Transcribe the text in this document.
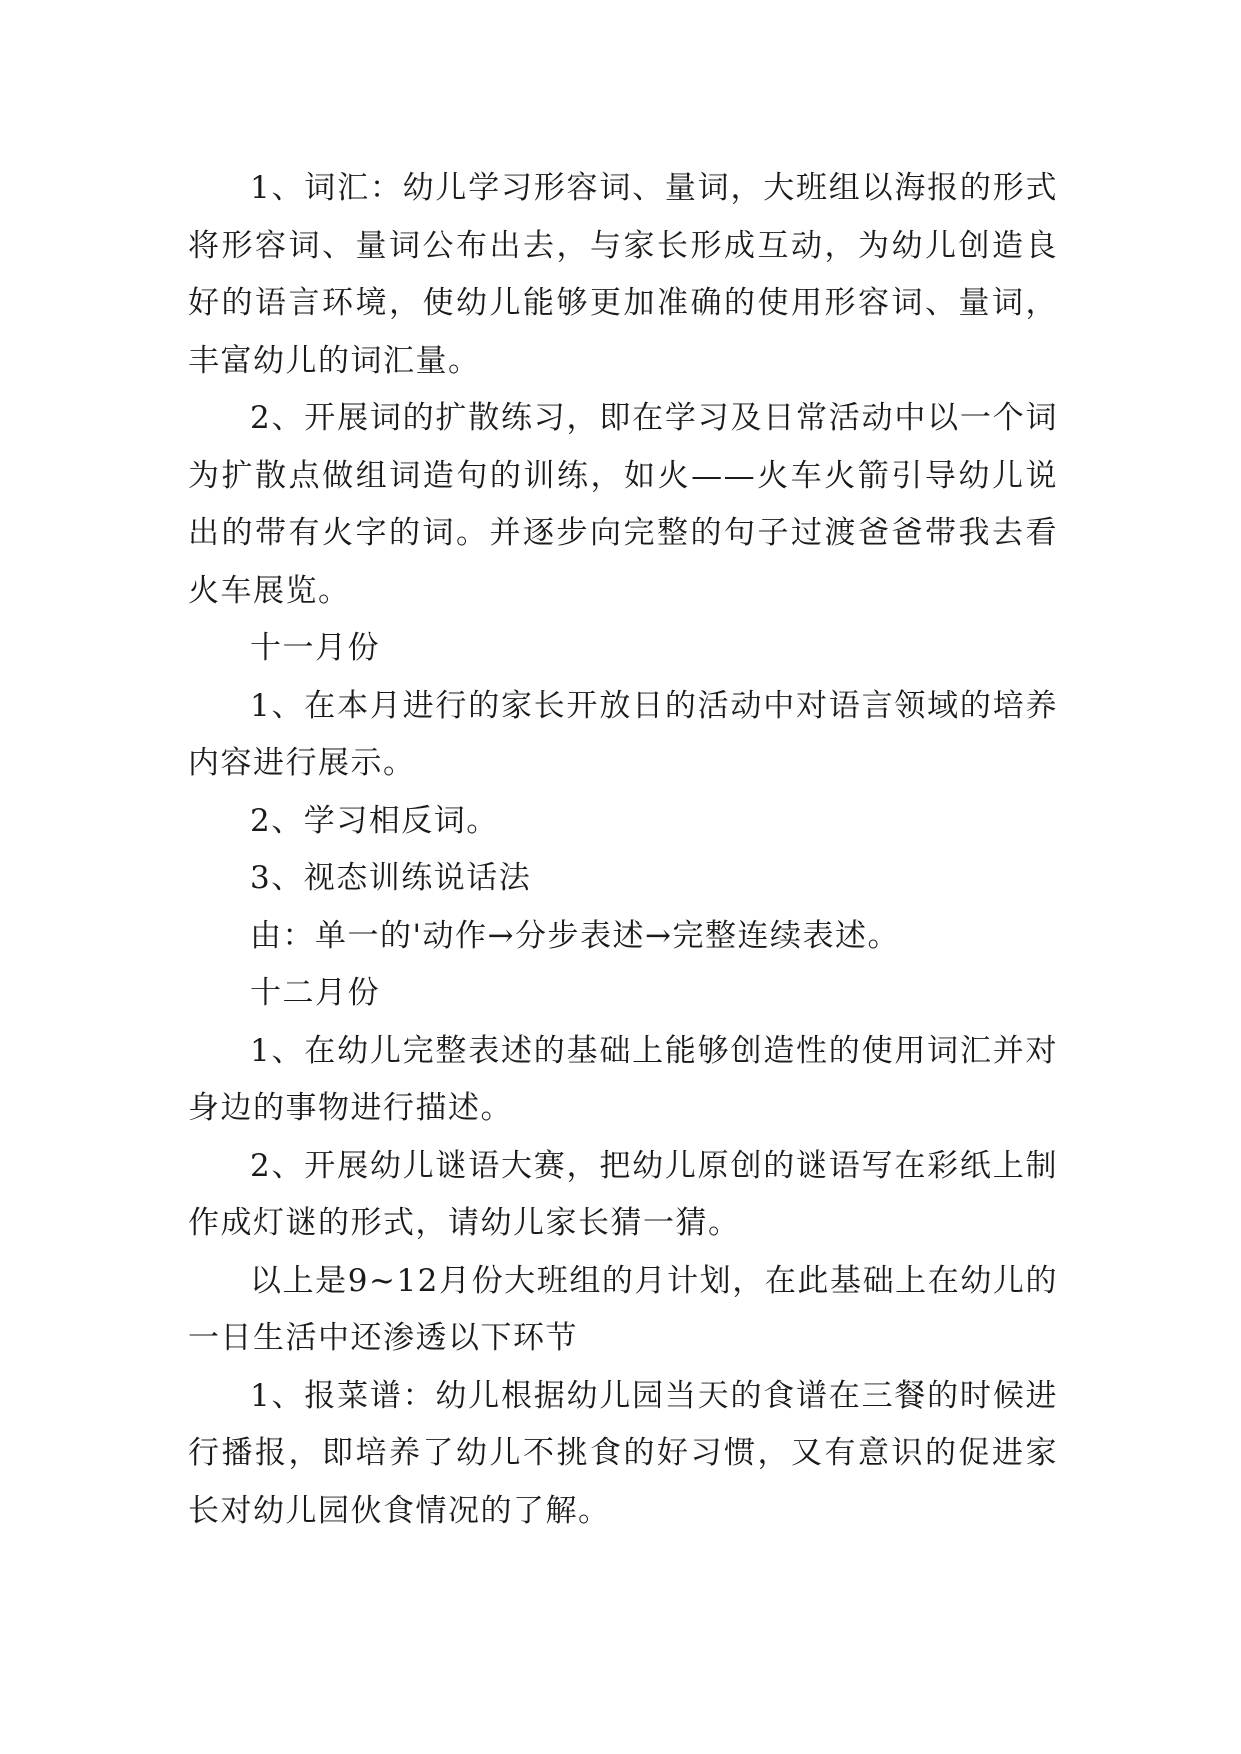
1、词汇：幼儿学习形容词、量词，大班组以海报的形式将形容词、量词公布出去，与家长形成互动，为幼儿创造良好的语言环境，使幼儿能够更加准确的使用形容词、量词，丰富幼儿的词汇量。

2、开展词的扩散练习，即在学习及日常活动中以一个词为扩散点做组词造句的训练，如火——火车火箭引导幼儿说出的带有火字的词。并逐步向完整的句子过渡爸爸带我去看火车展览。

十一月份

1、在本月进行的家长开放日的活动中对语言领域的培养内容进行展示。

2、学习相反词。

3、视态训练说话法

由：单一的'动作→分步表述→完整连续表述。

十二月份

1、在幼儿完整表述的基础上能够创造性的使用词汇并对身边的事物进行描述。

2、开展幼儿谜语大赛，把幼儿原创的谜语写在彩纸上制作成灯谜的形式，请幼儿家长猜一猜。

以上是9~12月份大班组的月计划，在此基础上在幼儿的一日生活中还渗透以下环节

1、报菜谱：幼儿根据幼儿园当天的食谱在三餐的时候进行播报，即培养了幼儿不挑食的好习惯，又有意识的促进家长对幼儿园伙食情况的了解。
